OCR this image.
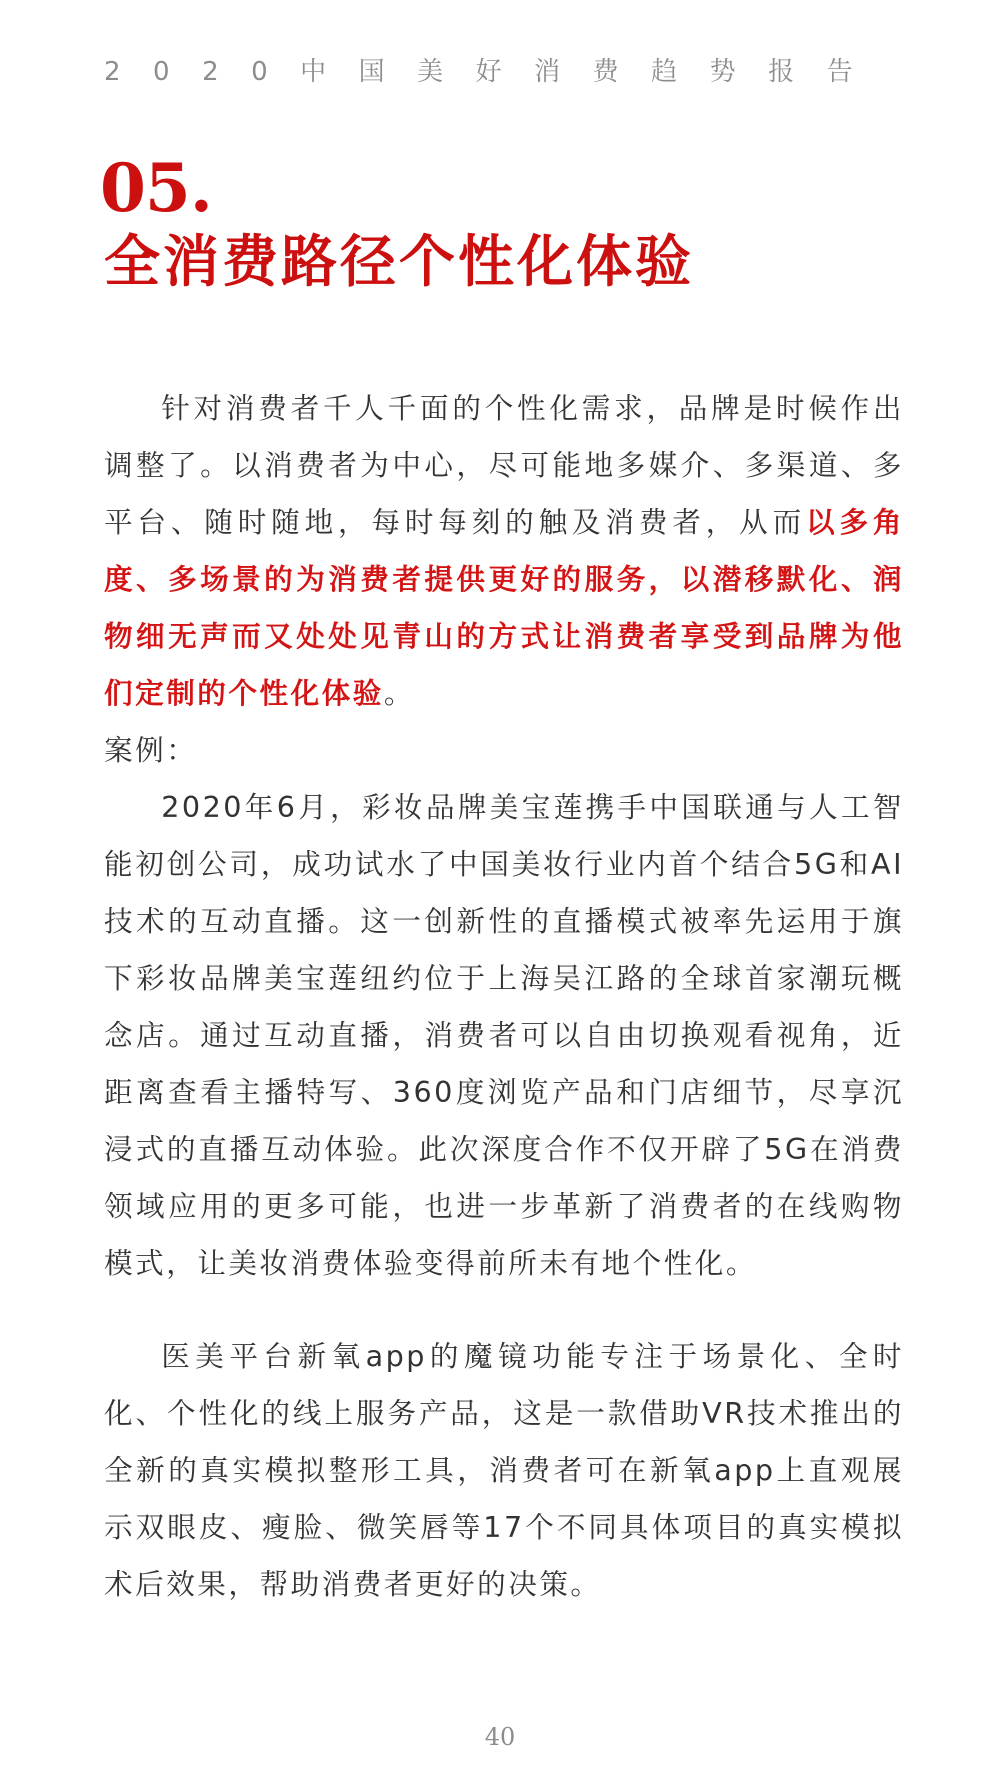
2020中国美好消费趋势报告
05.
全消费路径个性化体验

针对消费者千人千面的个性化需求，品牌是时候作出调整了。以消费者为中心，尽可能地多媒介、多渠道、多平台、随时随地，每时每刻的触及消费者，从而以多角度、多场景的为消费者提供更好的服务，以潜移默化、润物细无声而又处处见青山的方式让消费者享受到品牌为他们定制的个性化体验。

案例：

2020年6月，彩妆品牌美宝莲携手中国联通与人工智能初创公司，成功试水了中国美妆行业内首个结合5G和AI技术的互动直播。这一创新性的直播模式被率先运用于旗下彩妆品牌美宝莲纽约位于上海吴江路的全球首家潮玩概念店。通过互动直播，消费者可以自由切换观看视角，近距离查看主播特写、360度浏览产品和门店细节，尽享沉浸式的直播互动体验。此次深度合作不仅开辟了5G在消费领域应用的更多可能，也进一步革新了消费者的在线购物模式，让美妆消费体验变得前所未有地个性化。

医美平台新氧app的魔镜功能专注于场景化、全时化、个性化的线上服务产品，这是一款借助VR技术推出的全新的真实模拟整形工具，消费者可在新氧app上直观展示双眼皮、瘦脸、微笑唇等17个不同具体项目的真实模拟术后效果，帮助消费者更好的决策。

40
